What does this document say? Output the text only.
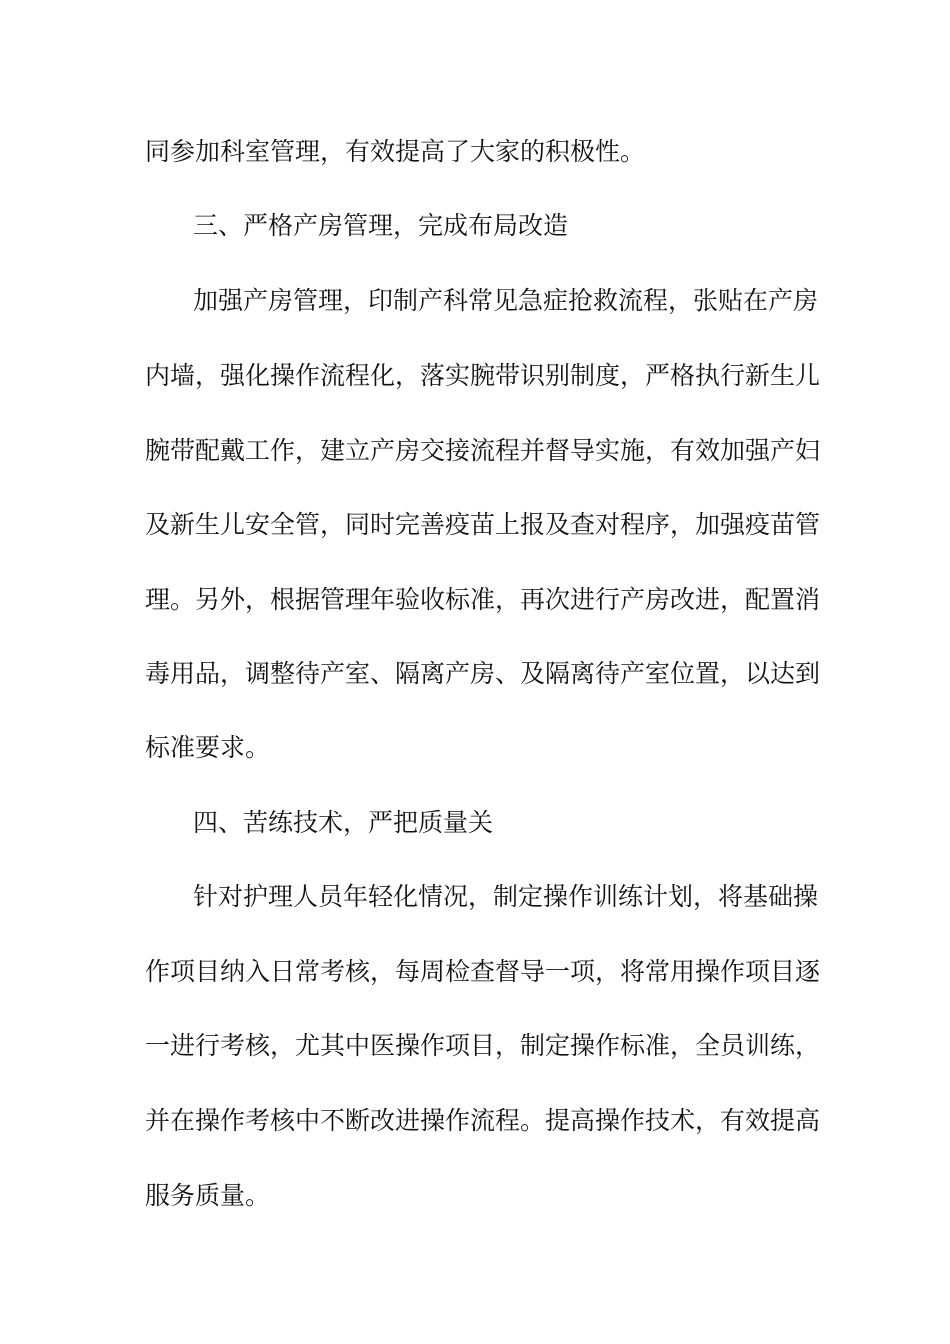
同参加科室管理，有效提高了大家的积极性。
三、严格产房管理，完成布局改造
加强产房管理，印制产科常见急症抢救流程，张贴在产房
内墙，强化操作流程化，落实腕带识别制度，严格执行新生儿
腕带配戴工作，建立产房交接流程并督导实施，有效加强产妇
及新生儿安全管，同时完善疫苗上报及查对程序，加强疫苗管
理。另外，根据管理年验收标准，再次进行产房改进，配置消
毒用品，调整待产室、隔离产房、及隔离待产室位置，以达到
标准要求。
四、苦练技术，严把质量关
针对护理人员年轻化情况，制定操作训练计划，将基础操
作项目纳入日常考核，每周检查督导一项，将常用操作项目逐
一进行考核，尤其中医操作项目，制定操作标准，全员训练，
并在操作考核中不断改进操作流程。提高操作技术，有效提高
服务质量。
